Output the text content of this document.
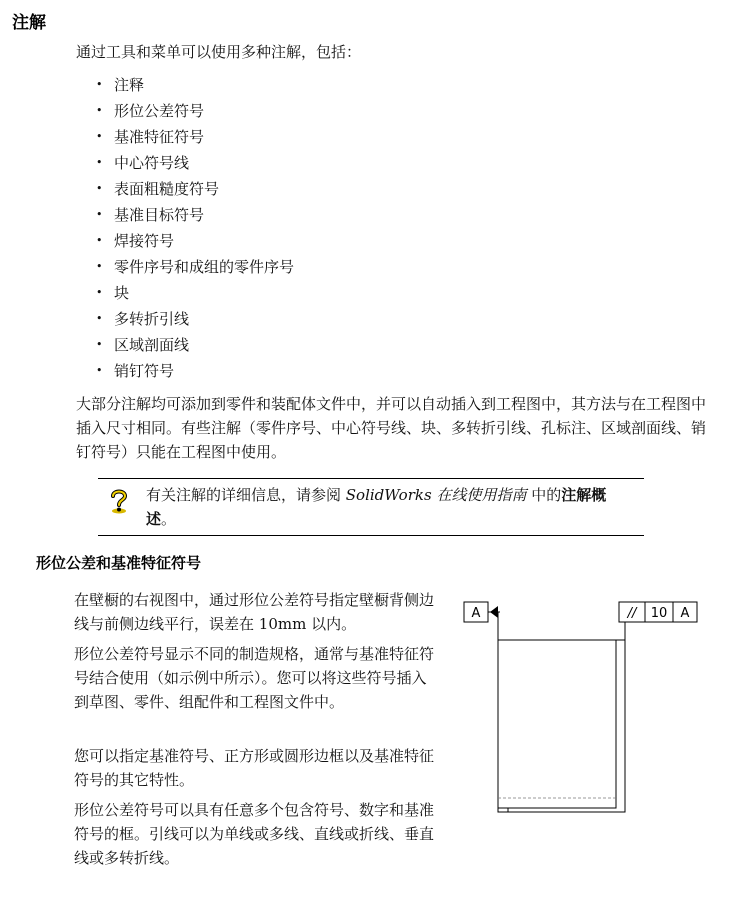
注解
通过工具和菜单可以使用多种注解，包括：
• 注释
• 形位公差符号
• 基准特征符号
• 中心符号线
• 表面粗糙度符号
• 基准目标符号
• 焊接符号
• 零件序号和成组的零件序号
• 块
• 多转折引线
• 区域剖面线
• 销钉符号

大部分注解均可添加到零件和装配体文件中，并可以自动插入到工程图中，其方法与在工程图中插入尺寸相同。有些注解（零件序号、中心符号线、块、多转折引线、孔标注、区域剖面线、销钉符号）只能在工程图中使用。

有关注解的详细信息，请参阅 SolidWorks 在线使用指南 中的注解概述。
形位公差和基准特征符号

在壁橱的右视图中，通过形位公差符号指定壁橱背侧边线与前侧边线平行，误差在 10mm 以内。

形位公差符号显示不同的制造规格，通常与基准特征符号结合使用（如示例中所示）。您可以将这些符号插入到草图、零件、组配件和工程图文件中。

您可以指定基准符号、正方形或圆形边框以及基准特征符号的其它特性。

形位公差符号可以具有任意多个包含符号、数字和基准符号的框。引线可以为单线或多线、直线或折线、垂直线或多转折线。

A	// 10 A
